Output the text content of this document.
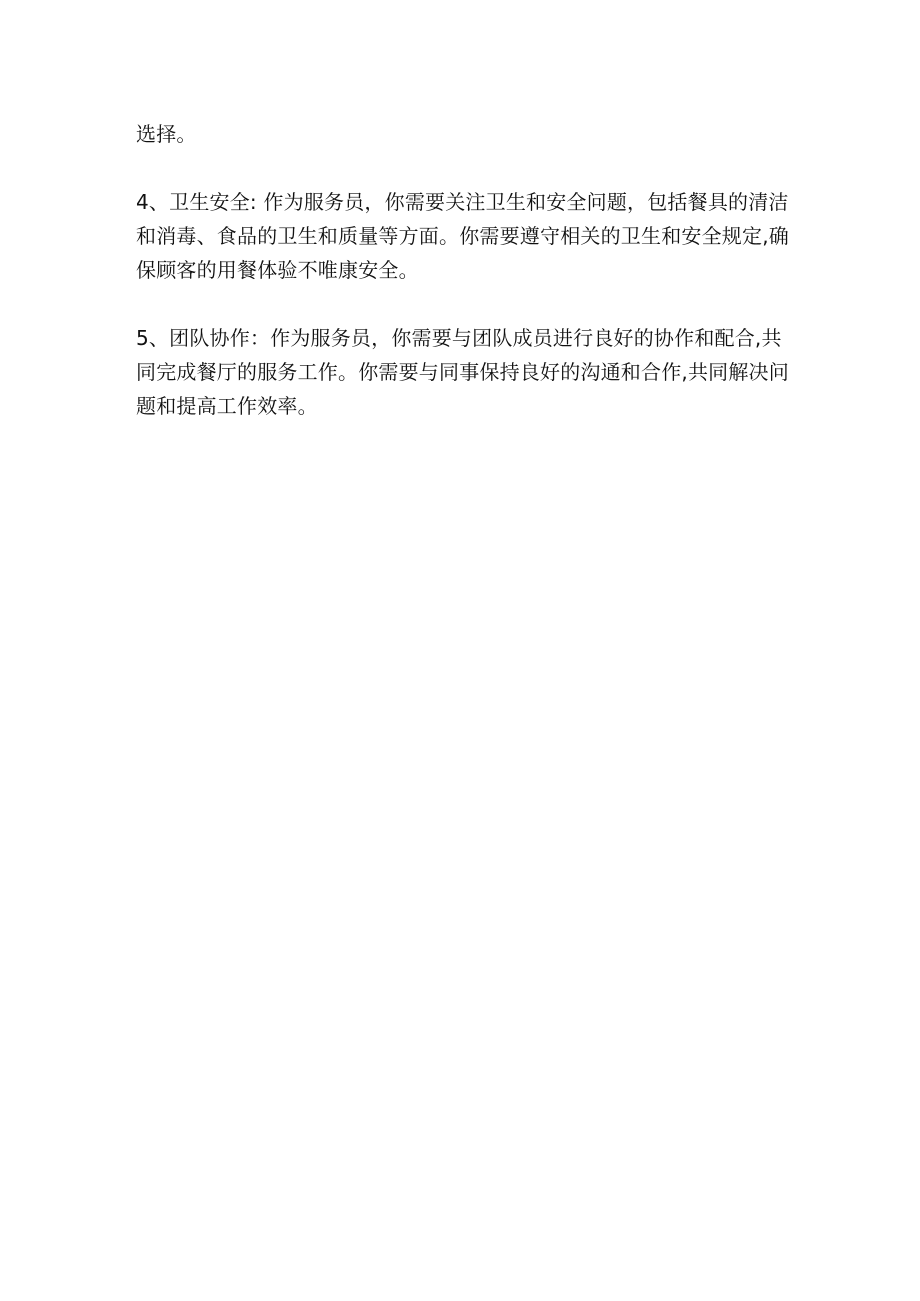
选择。

4、卫生安全: 作为服务员，你需要关注卫生和安全问题，包括餐具的清洁
和消毒、食品的卫生和质量等方面。你需要遵守相关的卫生和安全规定,确
保顾客的用餐体验不唯康安全。

5、团队协作：作为服务员，你需要与团队成员进行良好的协作和配合,共
同完成餐厅的服务工作。你需要与同事保持良好的沟通和合作,共同解决问
题和提高工作效率。
